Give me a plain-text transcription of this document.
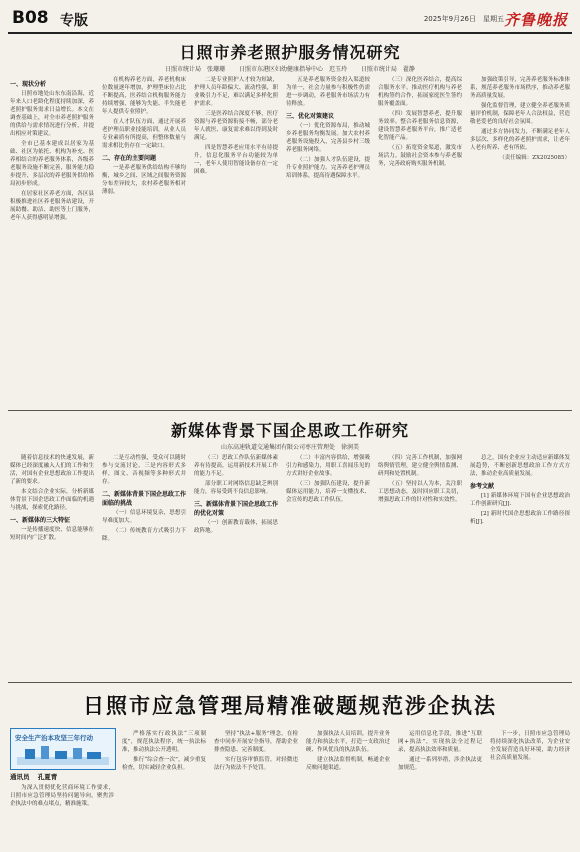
B08 专版	2025年9月26日　星期五 齐鲁晚报
日照市养老照护服务情况研究
日照市统计局　张珊珊 日照市东港区妇幼健康指导中心　迟玉玲 日照市统计局　翟静
一、现状分析

日照市地处山东东南沿海，近年来人口老龄化程度持续加深，养老照护服务需求日益增长。本文在调查基础上，对全市养老照护服务的供给与需求情况进行分析，并提出相应对策建议。

全市已基本建成以居家为基础、社区为依托、机构为补充、医养相结合的养老服务体系，各级养老服务设施不断完善，服务能力稳步提升，多层次的养老服务供给格局初步形成。

在居家社区养老方面，各区县积极推进社区养老服务站建设，开展助餐、助洁、助医等上门服务，老年人获得感明显增强。

在机构养老方面，养老机构床位数量逐年增加，护理型床位占比不断提高，医养结合机构服务能力持续增强，能够为失能、半失能老年人提供专业照护。

在人才队伍方面，通过开展养老护理员职业技能培训，从业人员专业素质有所提高，但整体数量与需求相比仍存在一定缺口。

二、存在的主要问题

一是养老服务供给结构不够均衡，城乡之间、区域之间服务资源分布差异较大，农村养老服务相对薄弱。

二是专业照护人才较为短缺，护理人员年龄偏大、流动性强，职业吸引力不足，难以满足多样化照护需求。

三是医养结合深度不够，医疗资源与养老资源衔接不畅，部分老年人就医、康复需求难以得到及时满足。

四是智慧养老应用水平有待提升，信息化服务平台功能较为单一，老年人使用智能设备存在一定困难。

五是养老服务资金投入渠道较为单一，社会力量参与积极性仍需进一步调动，养老服务市场活力有待释放。

三、优化对策建议

（一）优化资源布局，推动城乡养老服务均衡发展。加大农村养老服务设施投入，完善县乡村三级养老服务网络。

（二）加强人才队伍建设，提升专业照护能力。完善养老护理员培训体系，提高待遇保障水平。

（三）深化医养结合，提高综合服务水平。推动医疗机构与养老机构签约合作，拓展家庭医生签约服务覆盖面。

（四）发展智慧养老，提升服务效率。整合养老服务信息资源，建设智慧养老服务平台，推广适老化智能产品。

（五）拓宽资金渠道，激发市场活力。鼓励社会资本参与养老服务，完善政府购买服务机制。

加强政策引导，完善养老服务标准体系，规范养老服务市场秩序，推动养老服务高质量发展。

强化监督管理，建立健全养老服务质量评价机制，保障老年人合法权益，营造敬老爱老的良好社会氛围。

通过多方协同发力，不断满足老年人多层次、多样化的养老照护需求，让老年人老有所养、老有所依。

（责任编辑：ZX2025085）
新媒体背景下国企思政工作研究
山东高速轨道交通集团有限公司枣庄管理处　徐润美

随着信息技术的快速发展，新媒体已经深度融入人们的工作和生活，对国有企业思想政治工作提出了新的要求。

本文结合企业实际，分析新媒体背景下国企思政工作面临的机遇与挑战，探索优化路径。

一、新媒体的三大特征

一是传播速度快，信息能够在短时间内广泛扩散。

二是互动性强，受众可以随时参与交流讨论。三是内容形式多样，图文、音视频等多种形式并存。

二、新媒体背景下国企思政工作面临的挑战

（一）信息环境复杂，思想引导难度加大。

（二）传统教育方式吸引力下降。

（三）思政工作队伍新媒体素养有待提高，运用新技术开展工作的能力不足。

部分职工对网络信息缺乏辨别能力，容易受到不良信息影响。

三、新媒体背景下国企思政工作的优化对策

（一）创新教育载体，拓展思政阵地。

（二）丰富内容供给，增强吸引力和感染力，用职工喜闻乐见的方式讲好企业故事。

（三）加强队伍建设，提升新媒体运用能力，培养一支懂技术、会宣传的思政工作队伍。

（四）完善工作机制，加强网络舆情管理，建立健全舆情监测、研判和处置机制。

（五）坚持以人为本，关注职工思想动态，及时回应职工关切，增强思政工作的针对性和实效性。

总之，国有企业应主动适应新媒体发展趋势，不断创新思想政治工作方式方法，推动企业高质量发展。

参考文献

[1] 新媒体环境下国有企业思想政治工作创新研究[J].

[2] 新时代国企思想政治工作路径探析[J].

日照市应急管理局精准破题规范涉企执法
安全生产治本攻坚三年行动
通讯员 孔夏青

为深入贯彻优化营商环境工作要求，日照市应急管理局坚持问题导向，聚焦涉企执法中的难点堵点，精准施策。

严格落实行政执法“三项制度”，规范执法程序，统一执法标准，推动执法公开透明。

推行“综合查一次”，减少重复检查，切实减轻企业负担。

坚持“执法+服务”理念，在检查中同步开展安全指导，帮助企业排查隐患、完善制度。

实行包容审慎监管，对轻微违法行为依法不予处罚。

加强执法人员培训，提升业务能力和执法水平，打造一支政治过硬、作风优良的执法队伍。

建立执法监督机制，畅通企业反映问题渠道。

运用信息化手段，推进“互联网+执法”，实现执法全过程记录，提高执法效率和质量。

通过一系列举措，涉企执法更加规范。

下一步，日照市应急管理局将持续深化执法改革，为企业安全发展营造良好环境，助力经济社会高质量发展。
